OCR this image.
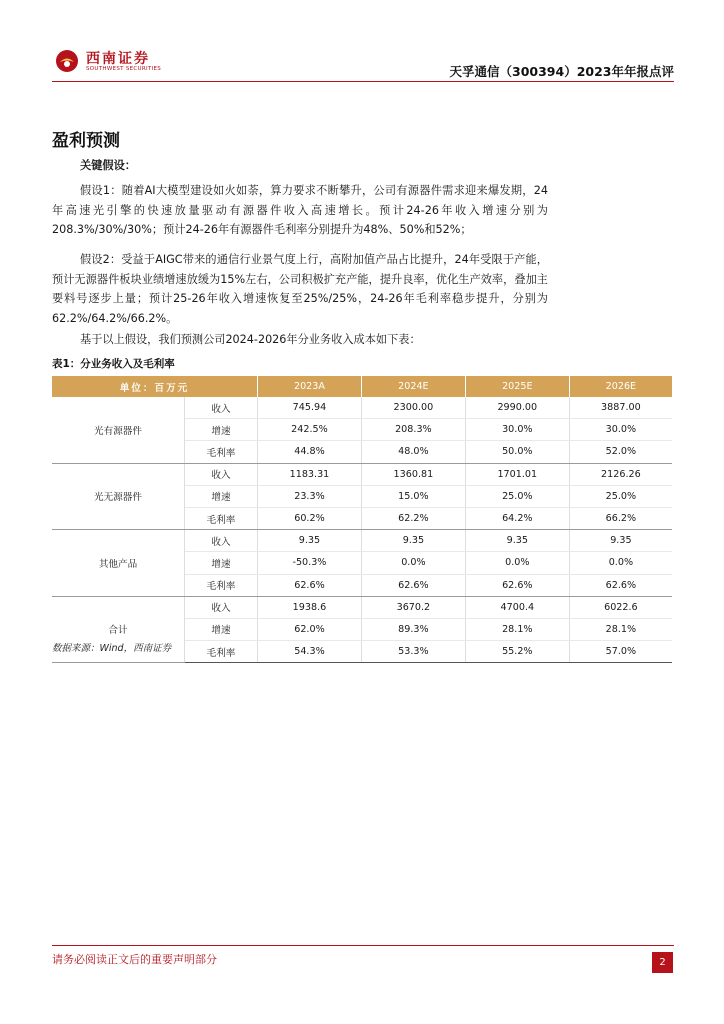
西南证券
SOUTHWEST SECURITIES	天孚通信（300394）2023年年报点评
盈利预测
关键假设：
假设1：随着AI大模型建设如火如荼，算力要求不断攀升，公司有源器件需求迎来爆发期，24年高速光引擎的快速放量驱动有源器件收入高速增长。预计24-26年收入增速分别为208.3%/30%/30%；预计24-26年有源器件毛利率分别提升为48%、50%和52%；
假设2：受益于AIGC带来的通信行业景气度上行，高附加值产品占比提升，24年受限于产能，预计无源器件板块业绩增速放缓为15%左右，公司积极扩充产能，提升良率，优化生产效率，叠加主要料号逐步上量；预计25-26年收入增速恢复至25%/25%，24-26年毛利率稳步提升，分别为62.2%/64.2%/66.2%。
基于以上假设，我们预测公司2024-2026年分业务收入成本如下表：
表1：分业务收入及毛利率
单位：百万元		2023A	2024E	2025E	2026E
光有源器件	收入	745.94	2300.00	2990.00	3887.00
	增速	242.5%	208.3%	30.0%	30.0%
	毛利率	44.8%	48.0%	50.0%	52.0%
光无源器件	收入	1183.31	1360.81	1701.01	2126.26
	增速	23.3%	15.0%	25.0%	25.0%
	毛利率	60.2%	62.2%	64.2%	66.2%
其他产品	收入	9.35	9.35	9.35	9.35
	增速	-50.3%	0.0%	0.0%	0.0%
	毛利率	62.6%	62.6%	62.6%	62.6%
合计	收入	1938.6	3670.2	4700.4	6022.6
	增速	62.0%	89.3%	28.1%	28.1%
	毛利率	54.3%	53.3%	55.2%	57.0%
数据来源：Wind，西南证券
请务必阅读正文后的重要声明部分	2
